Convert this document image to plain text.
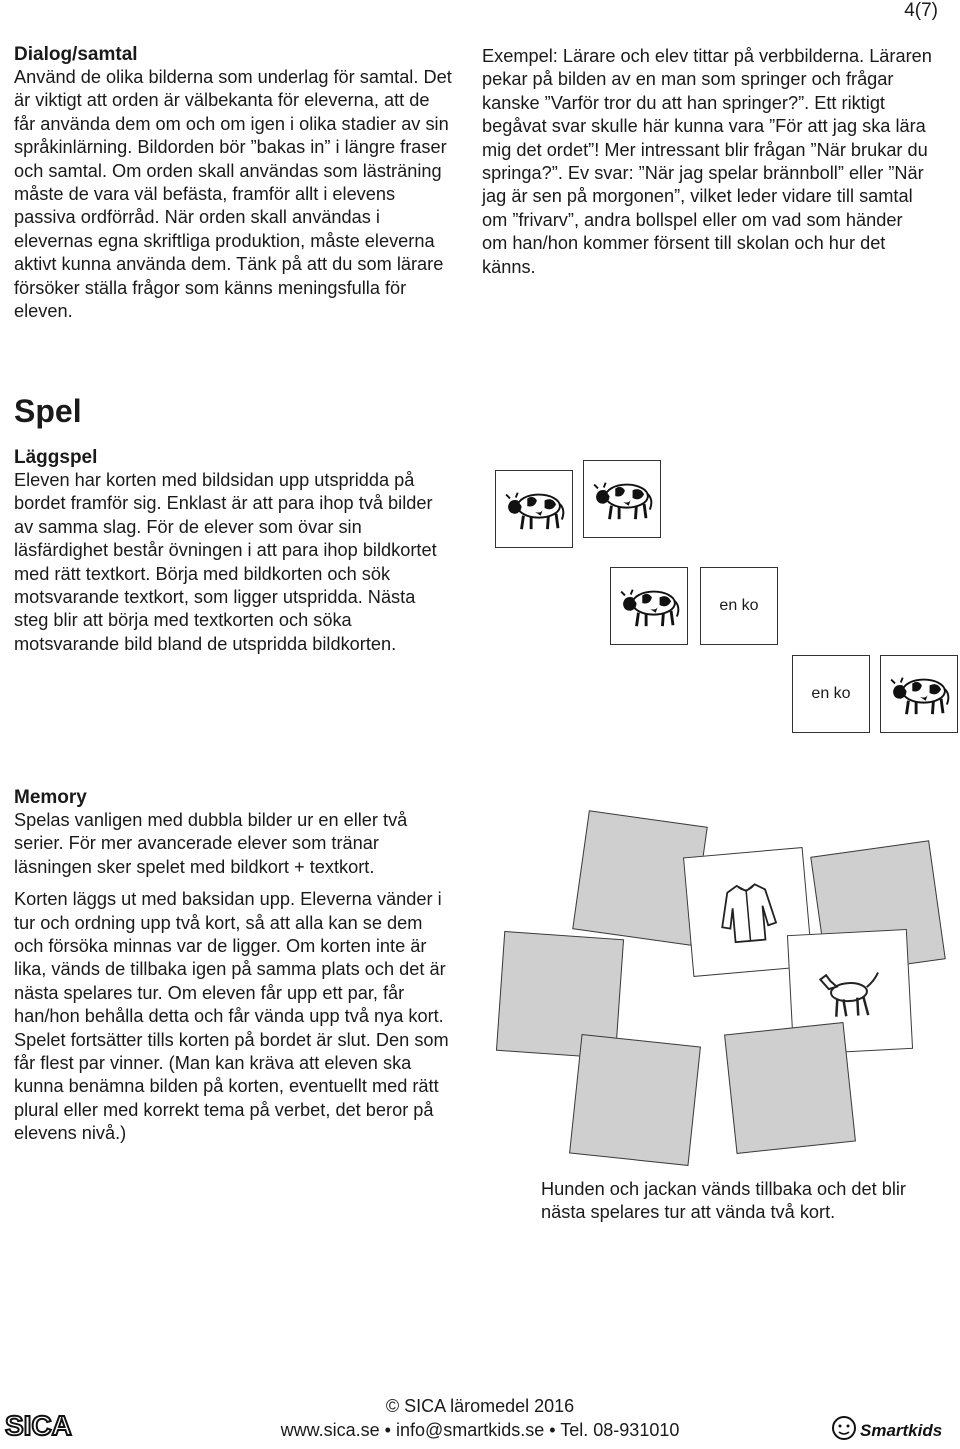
4(7)

Dialog/samtal

Använd de olika bilderna som underlag för samtal. Det är viktigt att orden är välbekanta för eleverna, att de får använda dem om och om igen i olika stadier av sin språkinlärning. Bildorden bör ”bakas in” i längre fraser och samtal. Om orden skall användas som lästräning måste de vara väl befästa, framför allt i elevens passiva ordförråd. När orden skall användas i elevernas egna skriftliga produktion, måste eleverna aktivt kunna använda dem. Tänk på att du som lärare försöker ställa frågor som känns meningsfulla för eleven.

Exempel: Lärare och elev tittar på verbbilderna. Läraren pekar på bilden av en man som springer och frågar kanske ”Varför tror du att han springer?”. Ett riktigt begåvat svar skulle här kunna vara ”För att jag ska lära mig det ordet”! Mer intressant blir frågan ”När brukar du springa?”. Ev svar: ”När jag spelar brännboll” eller ”När jag är sen på morgonen”, vilket leder vidare till samtal om ”frivarv”, andra bollspel eller om vad som händer om han/hon kommer försent till skolan och hur det känns.

Spel

Läggspel

Eleven har korten med bildsidan upp utspridda på bordet framför sig. Enklast är att para ihop två bilder av samma slag. För de elever som övar sin läsfärdighet består övningen i att para ihop bildkortet med rätt textkort. Börja med bildkorten och sök motsvarande textkort, som ligger utspridda. Nästa steg blir att börja med textkorten och söka motsvarande bild bland de utspridda bildkorten.

en ko
en ko

Memory

Spelas vanligen med dubbla bilder ur en eller två serier. För mer avancerade elever som tränar läsningen sker spelet med bildkort + textkort.

Korten läggs ut med baksidan upp. Eleverna vänder i tur och ordning upp två kort, så att alla kan se dem och försöka minnas var de ligger. Om korten inte är lika, vänds de tillbaka igen på samma plats och det är nästa spelares tur. Om eleven får upp ett par, får han/hon behålla detta och får vända upp två nya kort. Spelet fortsätter tills korten på bordet är slut. Den som får flest par vinner. (Man kan kräva att eleven ska kunna benämna bilden på korten, eventuellt med rätt plural eller med korrekt tema på verbet, det beror på elevens nivå.)

Hunden och jackan vänds tillbaka och det blir nästa spelares tur att vända två kort.

SICA
© SICA läromedel 2016
www.sica.se • info@smartkids.se • Tel. 08-931010	Smartkids
